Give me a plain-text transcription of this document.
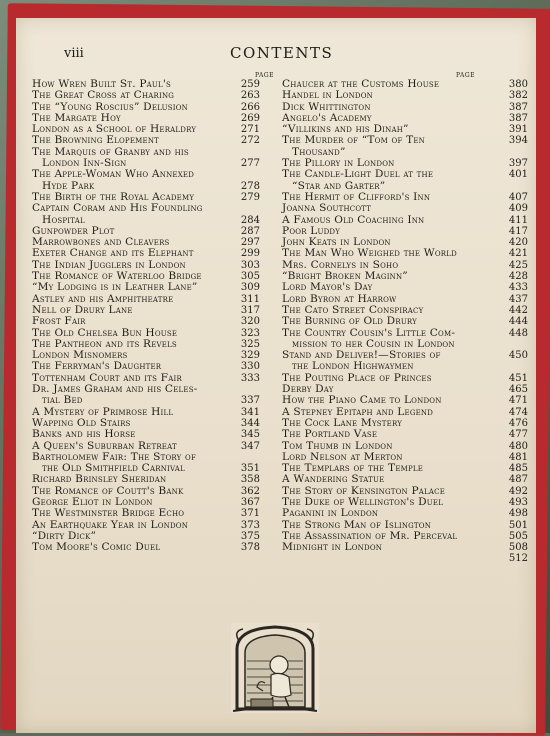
viii	CONTENTS
PAGE
How Wren Built St. Paul's	259
The Great Cross at Charing	263
The “Young Roscius” Delusion	266
The Margate Hoy	269
London as a School of Heraldry	271
The Browning Elopement	272
The Marquis of Granby and his
London Inn-Sign	277
The Apple-Woman Who Annexed
Hyde Park	278
The Birth of the Royal Academy	279
Captain Coram and His Foundling
Hospital	284
Gunpowder Plot	287
Marrowbones and Cleavers	297
Exeter Change and its Elephant	299
The Indian Jugglers in London	303
The Romance of Waterloo Bridge	305
“My Lodging is in Leather Lane”	309
Astley and his Amphitheatre	311
Nell of Drury Lane	317
Frost Fair	320
The Old Chelsea Bun House	323
The Pantheon and its Revels	325
London Misnomers	329
The Ferryman's Daughter	330
Tottenham Court and its Fair	333
Dr. James Graham and his Celes-
tial Bed	337
A Mystery of Primrose Hill	341
Wapping Old Stairs	344
Banks and his Horse	345
A Queen's Suburban Retreat	347
Bartholomew Fair: The Story of
the Old Smithfield Carnival	351
Richard Brinsley Sheridan	358
The Romance of Coutt's Bank	362
George Eliot in London	367
The Westminster Bridge Echo	371
An Earthquake Year in London	373
“Dirty Dick”	375
Tom Moore's Comic Duel	378
PAGE
Chaucer at the Customs House	380
Handel in London	382
Dick Whittington	387
Angelo's Academy	387
“Villikins and his Dinah”	391
The Murder of “Tom of Ten	394
Thousand”
The Pillory in London	397
The Candle-Light Duel at the	401
“Star and Garter”
The Hermit of Clifford's Inn	407
Joanna Southcott	409
A Famous Old Coaching Inn	411
Poor Luddy	417
John Keats in London	420
The Man Who Weighed the World	421
Mrs. Cornelys in Soho	425
“Bright Broken Maginn”	428
Lord Mayor's Day	433
Lord Byron at Harrow	437
The Cato Street Conspiracy	442
The Burning of Old Drury	444
The Country Cousin's Little Com-	448
mission to her Cousin in London
Stand and Deliver!—Stories of	450
the London Highwaymen
The Pouting Place of Princes	451
Derby Day	465
How the Piano Came to London	471
A Stepney Epitaph and Legend	474
The Cock Lane Mystery	476
The Portland Vase	477
Tom Thumb in London	480
Lord Nelson at Merton	481
The Templars of the Temple	485
A Wandering Statue	487
The Story of Kensington Palace	492
The Duke of Wellington's Duel	493
Paganini in London	498
The Strong Man of Islington	501
The Assassination of Mr. Perceval	505
Midnight in London	508
512
